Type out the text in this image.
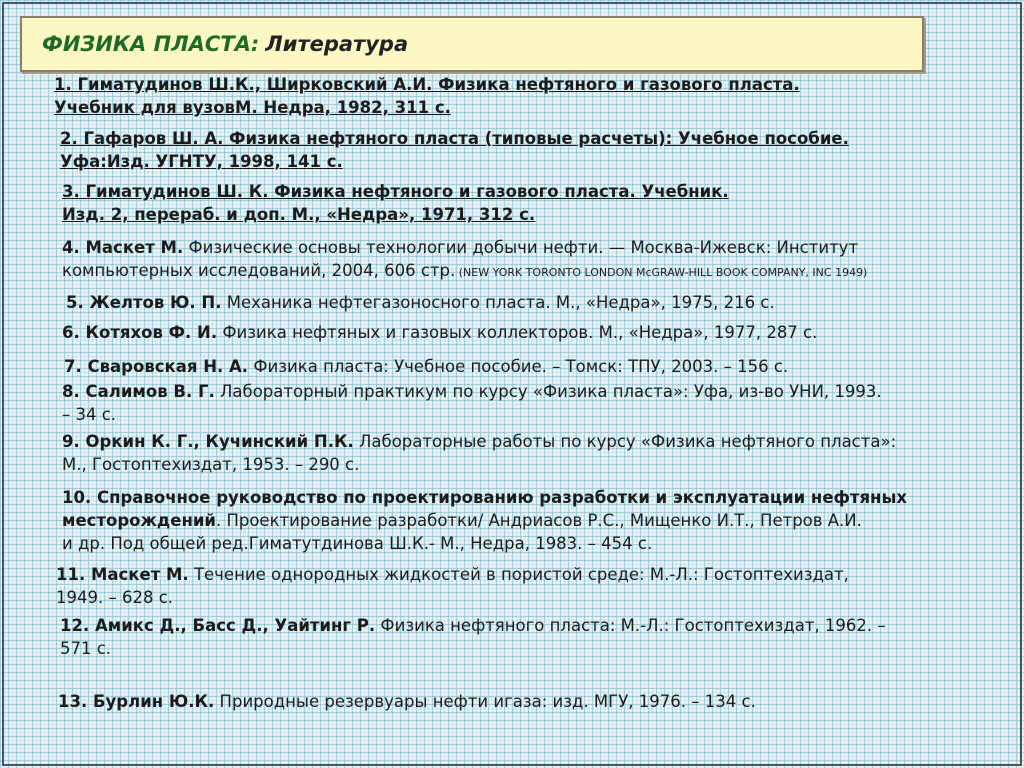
ФИЗИКА ПЛАСТА: Литература
1. Гиматудинов Ш.К., Ширковский А.И. Физика нефтяного и газового пласта.
Учебник для вузовМ. Недра, 1982, 311 с.
2. Гафаров Ш. А. Физика нефтяного пласта (типовые расчеты): Учебное пособие.
Уфа:Изд. УГНТУ, 1998, 141 с.
3. Гиматудинов Ш. К. Физика нефтяного и газового пласта. Учебник.
Изд. 2, перераб. и доп. М., «Недра», 1971, 312 с.
4. Маскет М. Физические основы технологии добычи нефти. — Москва-Ижевск: Институт
компьютерных исследований, 2004, 606 стр. (NEW YORK TORONTO LONDON McGRAW-HILL BOOK COMPANY, INC 1949)
5. Желтов Ю. П. Механика нефтегазоносного пласта. М., «Недра», 1975, 216 с.
6. Котяхов Ф. И. Физика нефтяных и газовых коллекторов. М., «Недра», 1977, 287 с.
7. Сваровская Н. А. Физика пласта: Учебное пособие. – Томск: ТПУ, 2003. – 156 с.
8. Салимов В. Г. Лабораторный практикум по курсу «Физика пласта»: Уфа, из-во УНИ, 1993.
– 34 с.
9. Оркин К. Г., Кучинский П.К. Лабораторные работы по курсу «Физика нефтяного пласта»:
М., Гостоптехиздат, 1953. – 290 с.
10. Справочное руководство по проектированию разработки и эксплуатации нефтяных
месторождений. Проектирование разработки/ Андриасов Р.С., Мищенко И.Т., Петров А.И.
и др. Под общей ред.Гиматутдинова Ш.К.- М., Недра, 1983. – 454 с.
11. Маскет М. Течение однородных жидкостей в пористой среде: М.-Л.: Гостоптехиздат,
1949. – 628 с.
12. Амикс Д., Басс Д., Уайтинг Р. Физика нефтяного пласта: М.-Л.: Гостоптехиздат, 1962. –
571 с.
13. Бурлин Ю.К. Природные резервуары нефти игаза: изд. МГУ, 1976. – 134 с.
